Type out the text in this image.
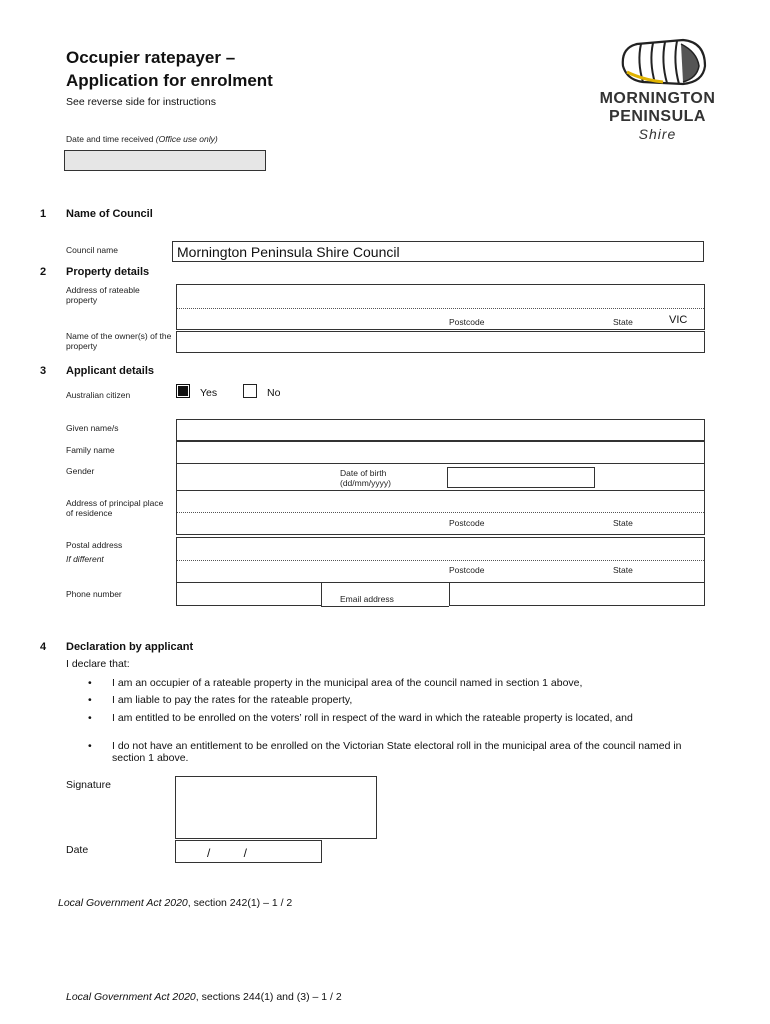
Occupier ratepayer –
Application for enrolment
See reverse side for instructions
Date and time received (Office use only)
MORNINGTON
PENINSULA
Shire
1 Name of Council
Council name	Mornington Peninsula Shire Council
2 Property details
Address of rateable property
Postcode	State	VIC
Name of the owner(s) of the property
3 Applicant details
Australian citizen	Yes	No
Given name/s
Family name
Gender	Date of birth (dd/mm/yyyy)
Address of principal place of residence
Postcode	State
Postal address
If different
Postcode	State
Phone number	Email address
4 Declaration by applicant
I declare that:
• I am an occupier of a rateable property in the municipal area of the council named in section 1 above,
• I am liable to pay the rates for the rateable property,
• I am entitled to be enrolled on the voters’ roll in respect of the ward in which the rateable property is located, and
• I do not have an entitlement to be enrolled on the Victorian State electoral roll in the municipal area of the council named in section 1 above.
Signature
Date	/          /
Local Government Act 2020, section 242(1) – 1 / 2
Local Government Act 2020, sections 244(1) and (3) – 1 / 2
